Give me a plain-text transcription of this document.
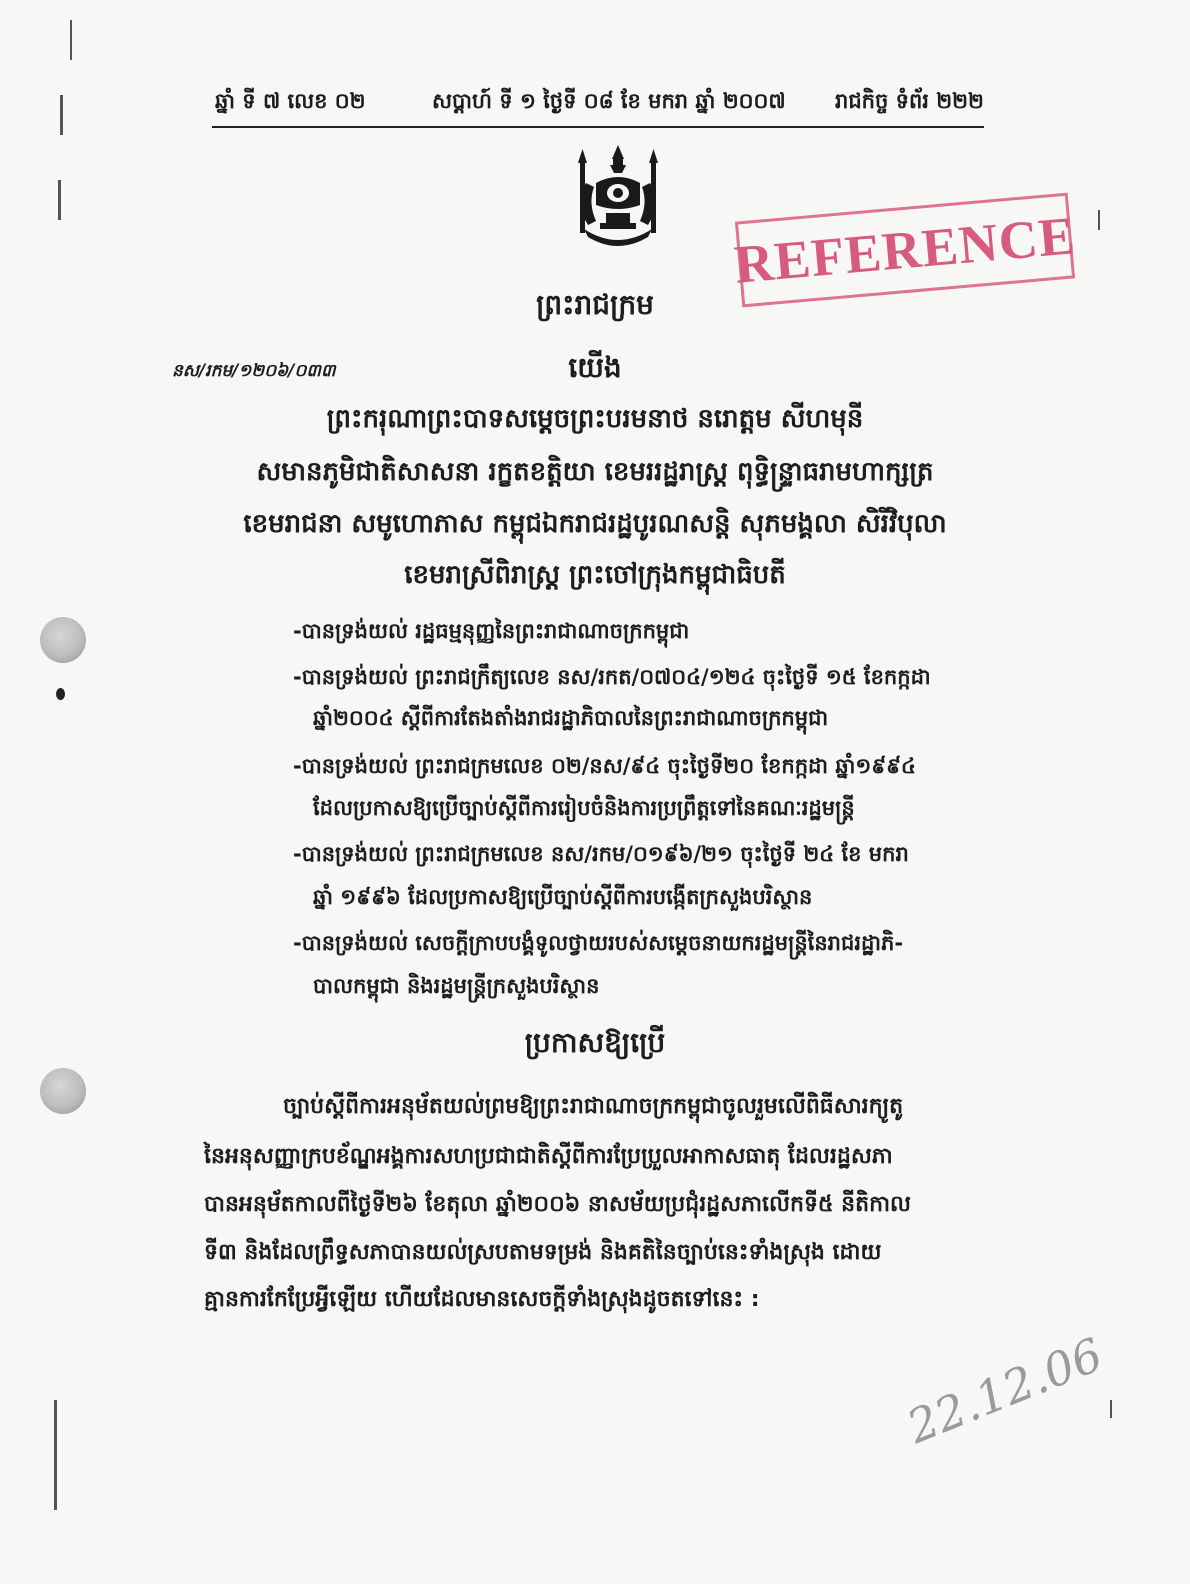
ឆ្នាំ ទី ៧ លេខ ០២	សប្តាហ៍ ទី ១ ថ្ងៃទី ០៨ ខែ មករា ឆ្នាំ ២០០៧ រាជកិច្ច ទំព័រ ២២២
REFERENCE
ព្រះរាជក្រម
នស/រកម/១២០៦/០៣៣	យើង
ព្រះករុណាព្រះបាទសម្តេចព្រះបរមនាថ នរោត្តម សីហមុនី
សមានភូមិជាតិសាសនា រក្ខតខត្តិយា ខេមររដ្ឋរាស្ត្រ ពុទ្ធិន្ទ្រាធរាមហាក្សត្រ
ខេមរាជនា សមូហោភាស កម្ពុជឯករាជរដ្ឋបូរណសន្តិ សុភមង្គលា សិរីវិបុលា
ខេមរាស្រីពិរាស្ត្រ ព្រះចៅក្រុងកម្ពុជាធិបតី
-បានទ្រង់យល់ រដ្ឋធម្មនុញ្ញនៃព្រះរាជាណាចក្រកម្ពុជា
-បានទ្រង់យល់ ព្រះរាជក្រឹត្យលេខ នស/រកត/០៧០៤/១២៤ ចុះថ្ងៃទី ១៥ ខែកក្កដា
ឆ្នាំ២០០៤ ស្តីពីការតែងតាំងរាជរដ្ឋាភិបាលនៃព្រះរាជាណាចក្រកម្ពុជា
-បានទ្រង់យល់ ព្រះរាជក្រមលេខ ០២/នស/៩៤ ចុះថ្ងៃទី២០ ខែកក្កដា ឆ្នាំ១៩៩៤
ដែលប្រកាសឱ្យប្រើច្បាប់ស្តីពីការរៀបចំនិងការប្រព្រឹត្តទៅនៃគណៈរដ្ឋមន្ត្រី
-បានទ្រង់យល់ ព្រះរាជក្រមលេខ នស/រកម/០១៩៦/២១ ចុះថ្ងៃទី ២៤ ខែ មករា
ឆ្នាំ ១៩៩៦ ដែលប្រកាសឱ្យប្រើច្បាប់ស្តីពីការបង្កើតក្រសួងបរិស្ថាន
-បានទ្រង់យល់ សេចក្តីក្រាបបង្គំទូលថ្វាយរបស់សម្តេចនាយករដ្ឋមន្ត្រីនៃរាជរដ្ឋាភិ-
បាលកម្ពុជា និងរដ្ឋមន្ត្រីក្រសួងបរិស្ថាន
ប្រកាសឱ្យប្រើ
ច្បាប់ស្តីពីការអនុម័តយល់ព្រមឱ្យព្រះរាជាណាចក្រកម្ពុជាចូលរួមលើពិធីសារក្យូតូ
នៃអនុសញ្ញាក្របខ័ណ្ឌអង្គការសហប្រជាជាតិស្តីពីការប្រែប្រួលអាកាសធាតុ ដែលរដ្ឋសភា
បានអនុម័តកាលពីថ្ងៃទី២៦ ខែតុលា ឆ្នាំ២០០៦ នាសម័យប្រជុំរដ្ឋសភាលើកទី៥ នីតិកាល
ទី៣ និងដែលព្រឹទ្ធសភាបានយល់ស្របតាមទម្រង់ និងគតិនៃច្បាប់នេះទាំងស្រុង ដោយ
គ្មានការកែប្រែអ្វីឡើយ ហើយដែលមានសេចក្តីទាំងស្រុងដូចតទៅនេះ :
22.12.06
